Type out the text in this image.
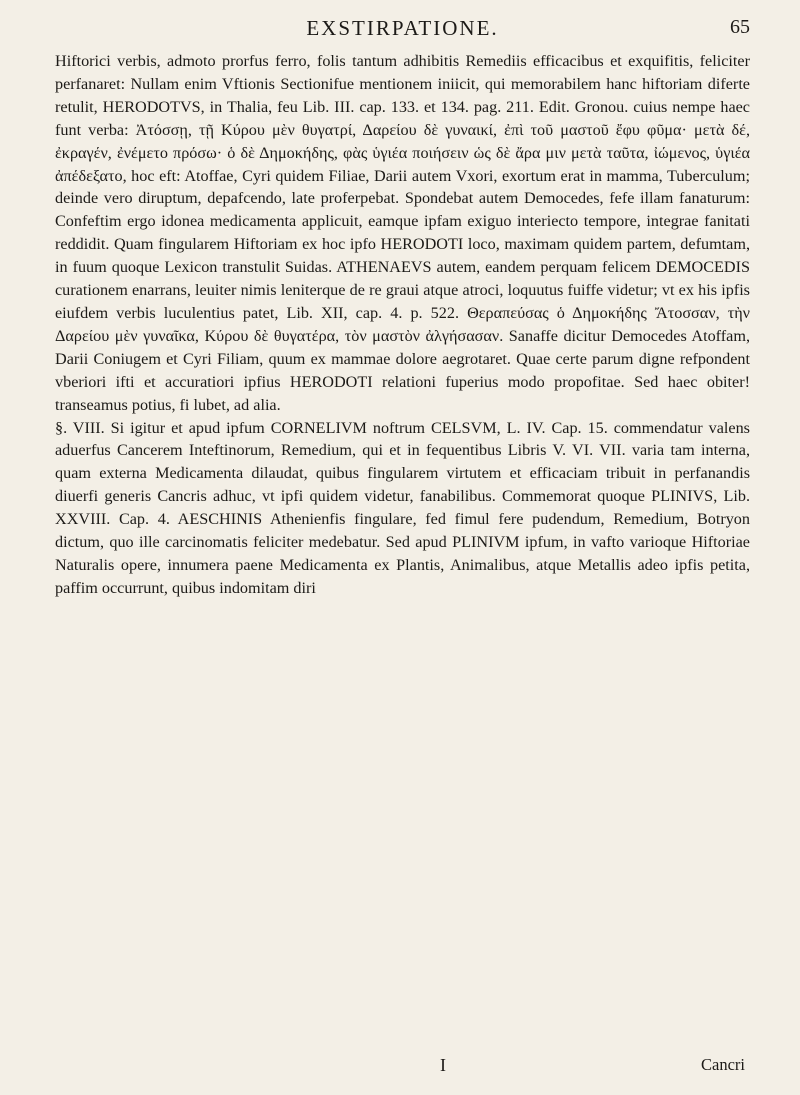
EXSTIRPATIONE.	65

Hiftorici verbis, admoto prorfus ferro, folis tantum adhibitis Remediis efficacibus et exquifitis, feliciter perfanaret: Nullam enim Vftionis Sectionifue mentionem iniicit, qui memorabilem hanc hiftoriam diferte retulit, HERODOTVS, in Thalia, feu Lib. III. cap. 133. et 134. pag. 211. Edit. Gronou. cuius nempe haec funt verba: Ἀτόσσῃ, τῇ Κύρου μὲν θυγατρί, Δαρείου δὲ γυναικί, ἐπὶ τοῦ μαστοῦ ἔφυ φῦμα· μετὰ δέ, ἐκραγέν, ἐνέμετο πρόσω· ὁ δὲ Δημοκήδης, φὰς ὑγιέα ποιήσειν ὡς δὲ ἄρα μιν μετὰ ταῦτα, ἰώμενος, ὑγιέα ἀπέδεξατο, hoc eft: Atoffae, Cyri quidem Filiae, Darii autem Vxori, exortum erat in mamma, Tuberculum; deinde vero diruptum, depafcendo, late proferpebat. Spondebat autem Democedes, fefe illam fanaturum: Confeftim ergo idonea medicamenta applicuit, eamque ipfam exiguo interiecto tempore, integrae fanitati reddidit. Quam fingularem Hiftoriam ex hoc ipfo HERODOTI loco, maximam quidem partem, defumtam, in fuum quoque Lexicon transtulit Suidas. ATHENAEVS autem, eandem perquam felicem DEMOCEDIS curationem enarrans, leuiter nimis leniterque de re graui atque atroci, loquutus fuiffe videtur; vt ex his ipfis eiufdem verbis luculentius patet, Lib. XII, cap. 4. p. 522. Θεραπεύσας ὁ Δημοκήδης Ἄτοσσαν, τὴν Δαρείου μὲν γυναῖκα, Κύρου δὲ θυγατέρα, τὸν μαστὸν ἀλγήσασαν. Sanaffe dicitur Democedes Atoffam, Darii Coniugem et Cyri Filiam, quum ex mammae dolore aegrotaret. Quae certe parum digne refpondent vberiori ifti et accuratiori ipfius HERODOTI relationi fuperius modo propofitae. Sed haec obiter! transeamus potius, fi lubet, ad alia.

§. VIII. Si igitur et apud ipfum CORNELIVM noftrum CELSVM, L. IV. Cap. 15. commendatur valens aduerfus Cancerem Inteftinorum, Remedium, qui et in fequentibus Libris V. VI. VII. varia tam interna, quam externa Medicamenta dilaudat, quibus fingularem virtutem et efficaciam tribuit in perfanandis diuerfi generis Cancris adhuc, vt ipfi quidem videtur, fanabilibus. Commemorat quoque PLINIVS, Lib. XXVIII. Cap. 4. AESCHINIS Athenienfis fingulare, fed fimul fere pudendum, Remedium, Botryon dictum, quo ille carcinomatis feliciter medebatur. Sed apud PLINIVM ipfum, in vafto varioque Hiftoriae Naturalis opere, innumera paene Medicamenta ex Plantis, Animalibus, atque Metallis adeo ipfis petita, paffim occurrunt, quibus indomitam diri

I	Cancri
